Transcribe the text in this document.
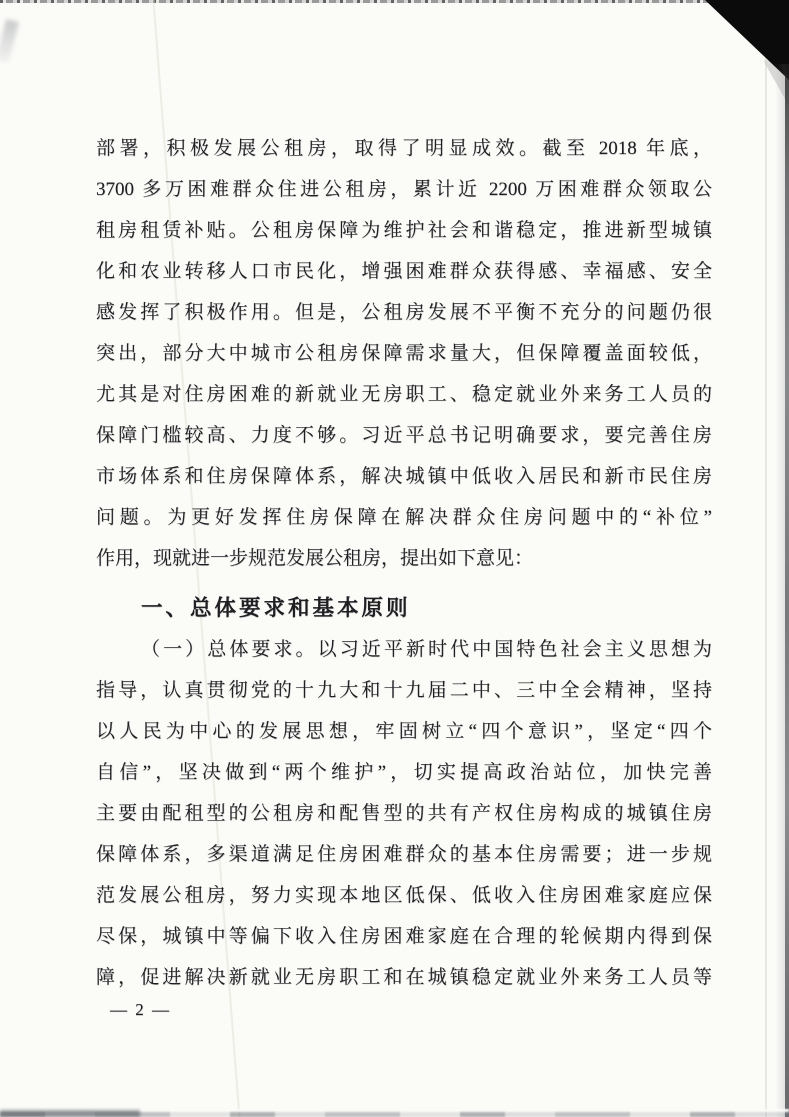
部署，积极发展公租房，取得了明显成效。截至 2018 年底，
3700 多万困难群众住进公租房，累计近 2200 万困难群众领取公
租房租赁补贴。公租房保障为维护社会和谐稳定，推进新型城镇
化和农业转移人口市民化，增强困难群众获得感、幸福感、安全
感发挥了积极作用。但是，公租房发展不平衡不充分的问题仍很
突出，部分大中城市公租房保障需求量大，但保障覆盖面较低，
尤其是对住房困难的新就业无房职工、稳定就业外来务工人员的
保障门槛较高、力度不够。习近平总书记明确要求，要完善住房
市场体系和住房保障体系，解决城镇中低收入居民和新市民住房
问题。为更好发挥住房保障在解决群众住房问题中的“补位”
作用，现就进一步规范发展公租房，提出如下意见：
一、总体要求和基本原则
（一）总体要求。以习近平新时代中国特色社会主义思想为
指导，认真贯彻党的十九大和十九届二中、三中全会精神，坚持
以人民为中心的发展思想，牢固树立“四个意识”，坚定“四个
自信”，坚决做到“两个维护”，切实提高政治站位，加快完善
主要由配租型的公租房和配售型的共有产权住房构成的城镇住房
保障体系，多渠道满足住房困难群众的基本住房需要；进一步规
范发展公租房，努力实现本地区低保、低收入住房困难家庭应保
尽保，城镇中等偏下收入住房困难家庭在合理的轮候期内得到保
障，促进解决新就业无房职工和在城镇稳定就业外来务工人员等
— 2 —
